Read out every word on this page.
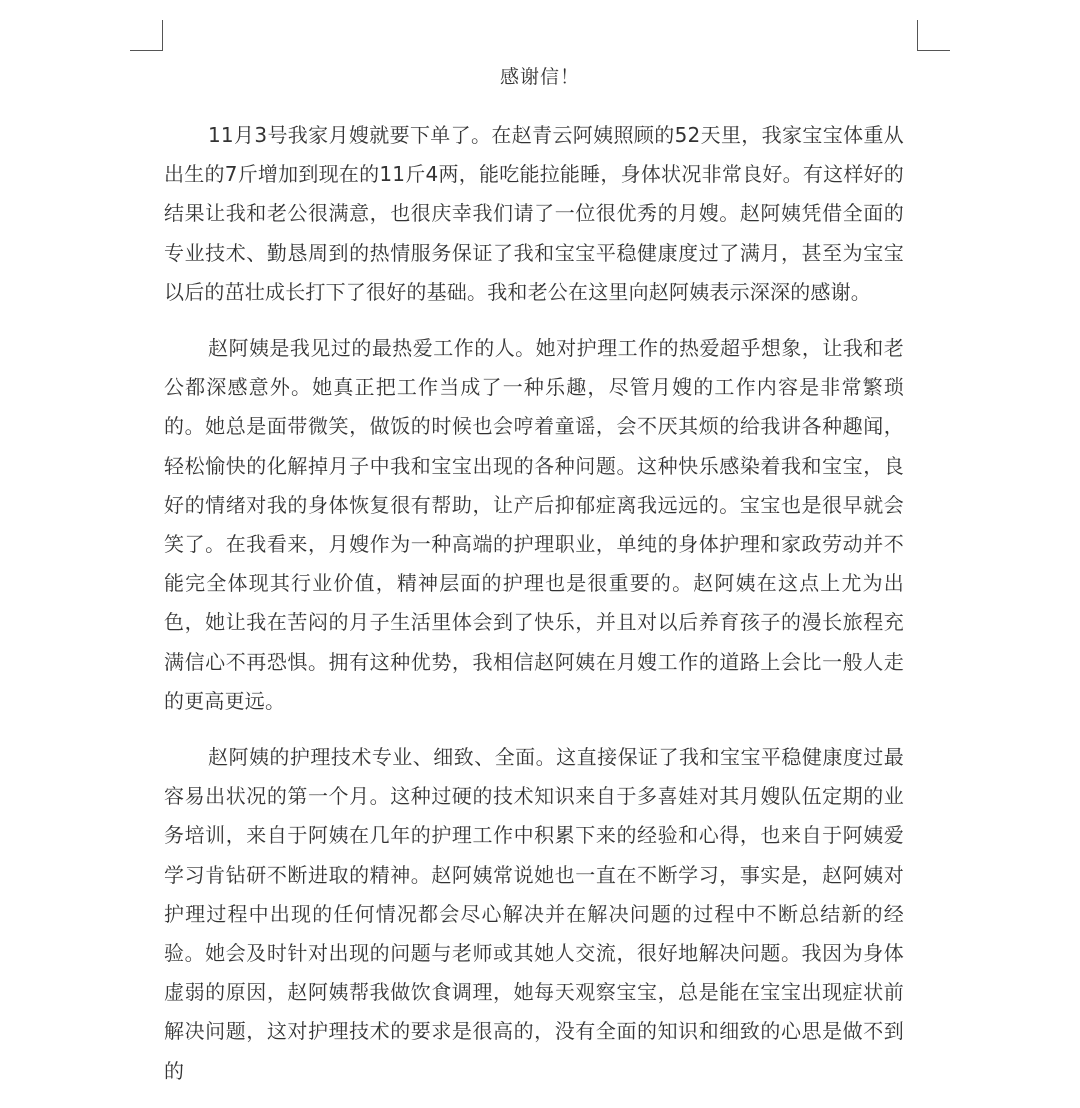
感谢信！

11月3号我家月嫂就要下单了。在赵青云阿姨照顾的52天里，我家宝宝体重从出生的7斤增加到现在的11斤4两，能吃能拉能睡，身体状况非常良好。有这样好的结果让我和老公很满意，也很庆幸我们请了一位很优秀的月嫂。赵阿姨凭借全面的专业技术、勤恳周到的热情服务保证了我和宝宝平稳健康度过了满月，甚至为宝宝以后的茁壮成长打下了很好的基础。我和老公在这里向赵阿姨表示深深的感谢。

赵阿姨是我见过的最热爱工作的人。她对护理工作的热爱超乎想象，让我和老公都深感意外。她真正把工作当成了一种乐趣，尽管月嫂的工作内容是非常繁琐的。她总是面带微笑，做饭的时候也会哼着童谣，会不厌其烦的给我讲各种趣闻，轻松愉快的化解掉月子中我和宝宝出现的各种问题。这种快乐感染着我和宝宝，良好的情绪对我的身体恢复很有帮助，让产后抑郁症离我远远的。宝宝也是很早就会笑了。在我看来，月嫂作为一种高端的护理职业，单纯的身体护理和家政劳动并不能完全体现其行业价值，精神层面的护理也是很重要的。赵阿姨在这点上尤为出色，她让我在苦闷的月子生活里体会到了快乐，并且对以后养育孩子的漫长旅程充满信心不再恐惧。拥有这种优势，我相信赵阿姨在月嫂工作的道路上会比一般人走的更高更远。

赵阿姨的护理技术专业、细致、全面。这直接保证了我和宝宝平稳健康度过最容易出状况的第一个月。这种过硬的技术知识来自于多喜娃对其月嫂队伍定期的业务培训，来自于阿姨在几年的护理工作中积累下来的经验和心得，也来自于阿姨爱学习肯钻研不断进取的精神。赵阿姨常说她也一直在不断学习，事实是，赵阿姨对护理过程中出现的任何情况都会尽心解决并在解决问题的过程中不断总结新的经验。她会及时针对出现的问题与老师或其她人交流，很好地解决问题。我因为身体虚弱的原因，赵阿姨帮我做饮食调理，她每天观察宝宝，总是能在宝宝出现症状前解决问题，这对护理技术的要求是很高的，没有全面的知识和细致的心思是做不到的
